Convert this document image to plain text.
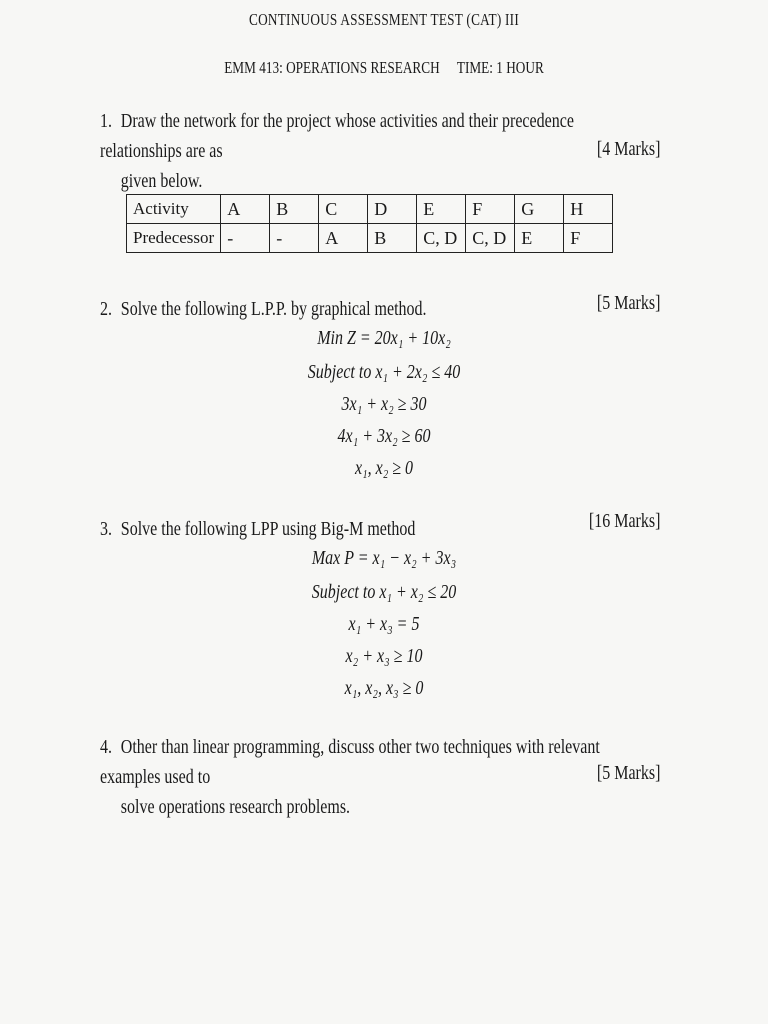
CONTINUOUS ASSESSMENT TEST (CAT) III
EMM 413: OPERATIONS RESEARCH TIME: 1 HOUR
1. Draw the network for the project whose activities and their precedence relationships are as
given below.
[4 Marks]
Activity	A	B	C	D	E	F	G	H
Predecessor	-	-	A	B	C, D	C, D	E	F
2. Solve the following L.P.P. by graphical method.	[5 Marks]
Min Z = 20x₁ + 10x₂
Subject to x₁ + 2x₂ ≤ 40
3x₁ + x₂ ≥ 30
4x₁ + 3x₂ ≥ 60
x₁, x₂ ≥ 0
3. Solve the following LPP using Big-M method	[16 Marks]
Max P = x₁ − x₂ + 3x₃
Subject to x₁ + x₂ ≤ 20
x₁ + x₃ = 5
x₂ + x₃ ≥ 10
x₁, x₂, x₃ ≥ 0
4. Other than linear programming, discuss other two techniques with relevant examples used to
solve operations research problems.
[5 Marks]
